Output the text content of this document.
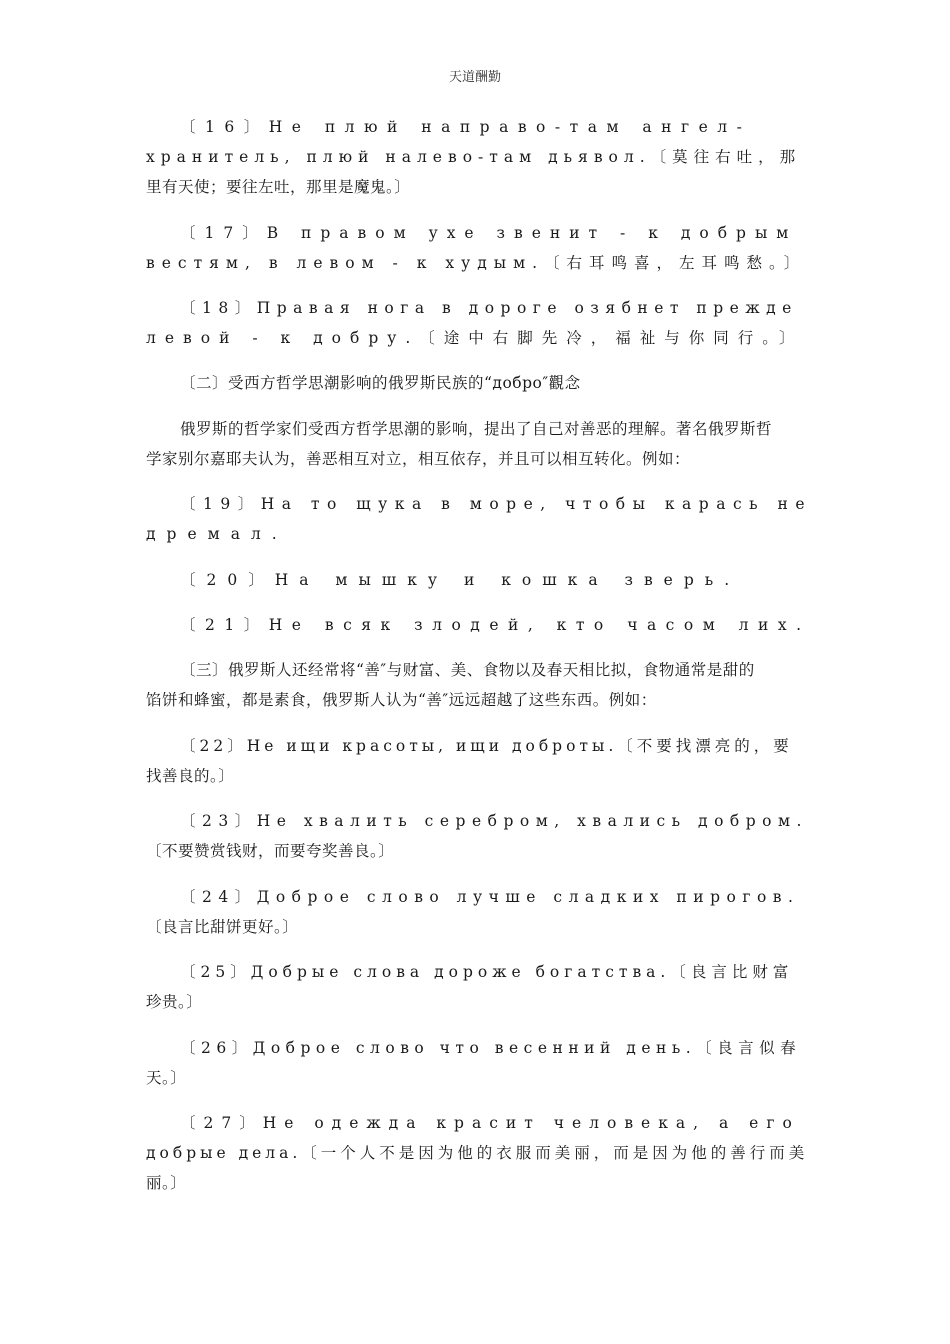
天道酬勤
〔16〕Не плюй направо-там ангел-
хранитель, плюй налево-там дьявол.〔莫往右吐，那
里有天使；要往左吐，那里是魔鬼。〕
〔17〕В правом ухе звенит - к добрым
вестям, в левом - к худым.〔右耳鸣喜，左耳鸣愁。〕
〔18〕Правая нога в дороге озябнет прежде
левой - к добру.〔途中右脚先冷，福祉与你同行。〕
〔二〕受西方哲学思潮影响的俄罗斯民族的“добро″觀念
俄罗斯的哲学家们受西方哲学思潮的影响，提出了自己对善恶的理解。著名俄罗斯哲
学家别尔嘉耶夫认为，善恶相互对立，相互依存，并且可以相互转化。例如：
〔19〕На то щука в море, чтобы карась не
дремал.
〔20〕На мышку и кошка зверь.
〔21〕Не всяк злодей, кто часом лих.
〔三〕俄罗斯人还经常将“善″与财富、美、食物以及春天相比拟，食物通常是甜的
馅饼和蜂蜜，都是素食，俄罗斯人认为“善″远远超越了这些东西。例如：
〔22〕Не ищи красоты, ищи доброты.〔不要找漂亮的，要
找善良的。〕
〔23〕Не хвалить серебром, хвались добром.
〔不要赞赏钱财，而要夸奖善良。〕
〔24〕Доброе слово лучше сладких пирогов.
〔良言比甜饼更好。〕
〔25〕Добрые слова дороже богатства.〔良言比财富
珍贵。〕
〔26〕Доброе слово что весенний день.〔良言似春
天。〕
〔27〕Не одежда красит человека, а его
добрые дела.〔一个人不是因为他的衣服而美丽，而是因为他的善行而美
丽。〕
